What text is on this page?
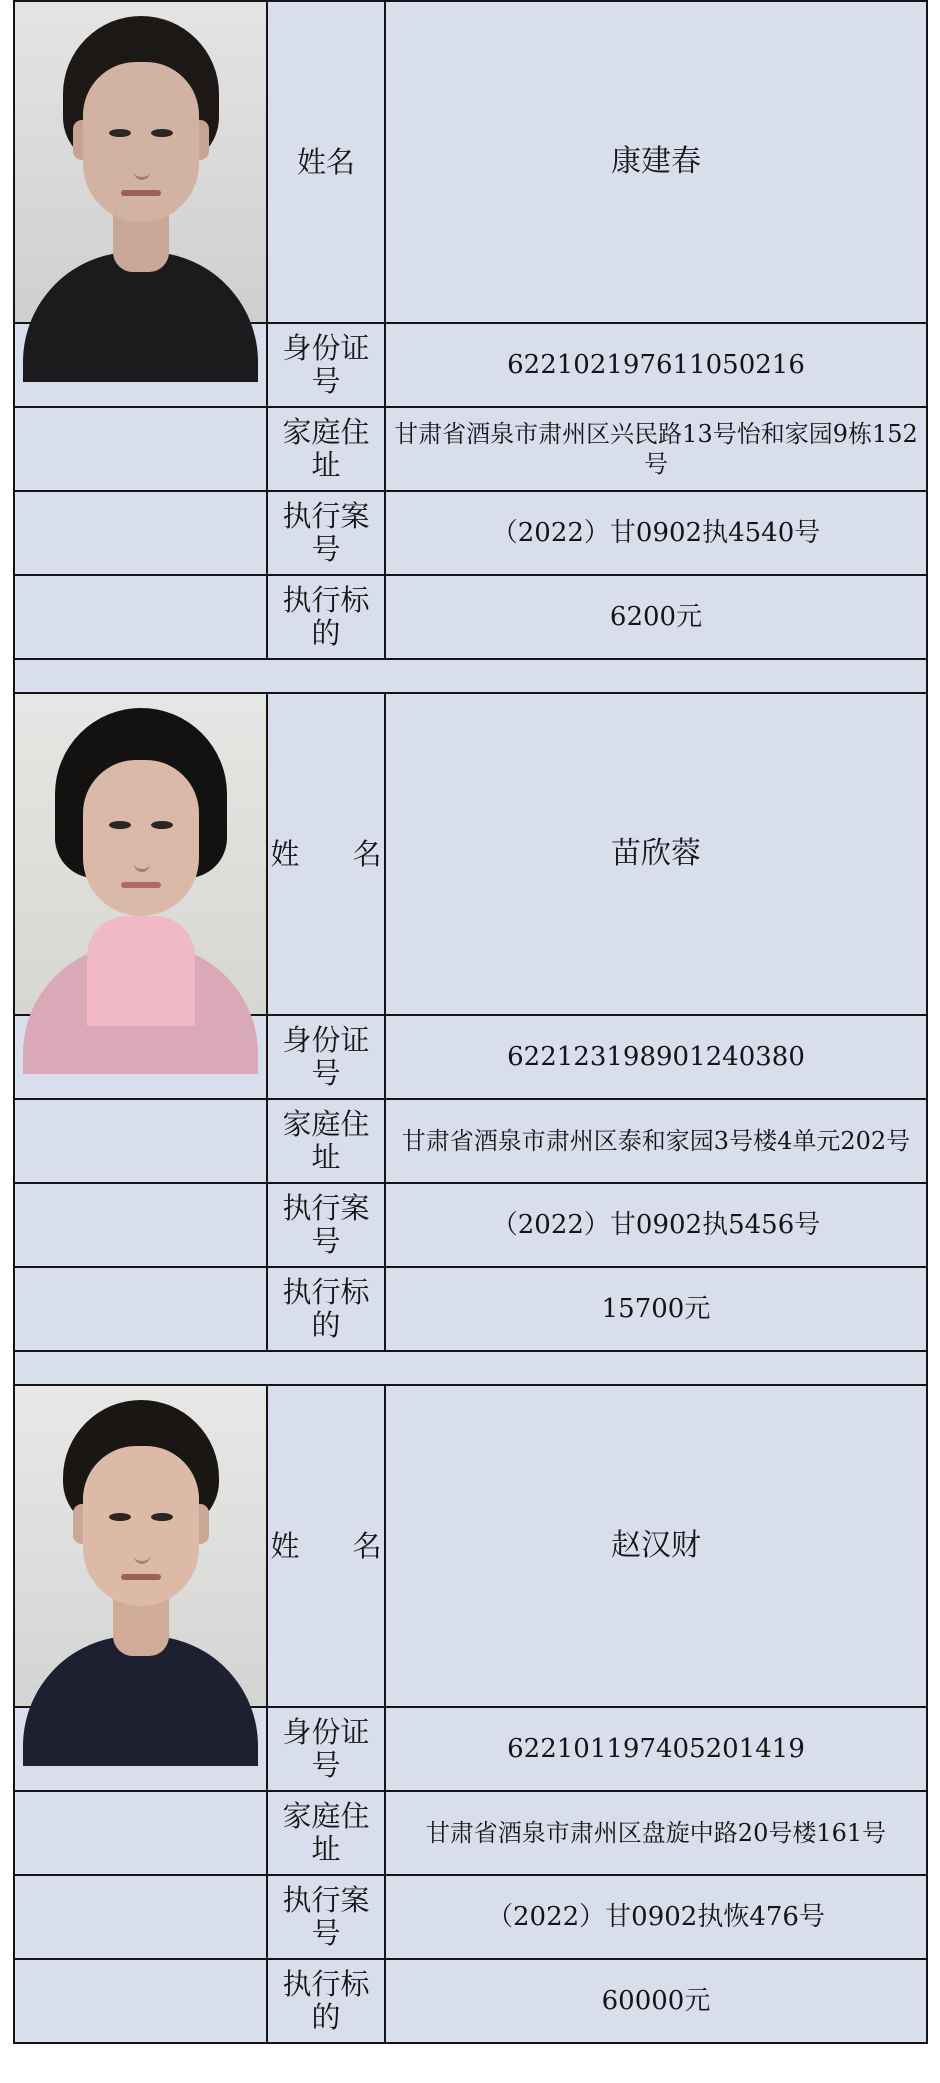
	姓名	康建春
	身份证号	622102197611050216
	家庭住址	甘肃省酒泉市肃州区兴民路13号怡和家园9栋152号
	执行案号	（2022）甘0902执4540号
	执行标的	6200元

	姓 名	苗欣蓉
	身份证号	622123198901240380
	家庭住址	甘肃省酒泉市肃州区泰和家园3号楼4单元202号
	执行案号	（2022）甘0902执5456号
	执行标的	15700元

	姓 名	赵汉财
	身份证号	622101197405201419
	家庭住址	甘肃省酒泉市肃州区盘旋中路20号楼161号
	执行案号	（2022）甘0902执恢476号
	执行标的	60000元
